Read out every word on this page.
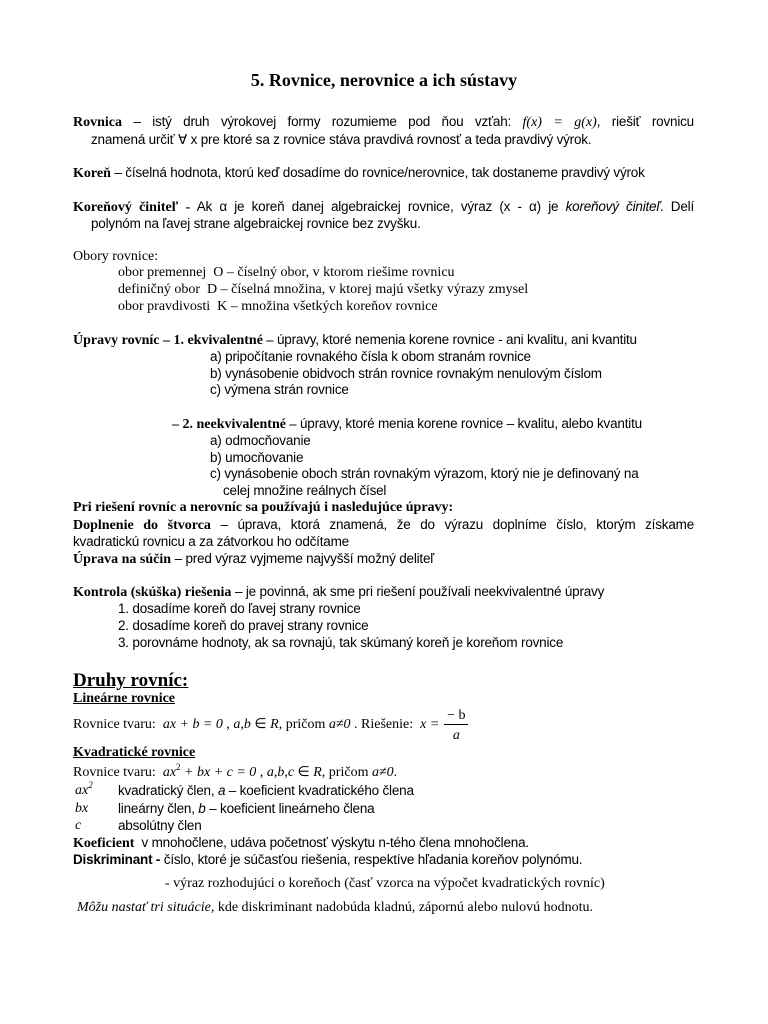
5. Rovnice, nerovnice a ich sústavy
Rovnica – istý druh výrokovej formy rozumieme pod ňou vzťah: f(x) = g(x), riešiť rovnicu
znamená určiť ∀ x pre ktoré sa z rovnice stáva pravdivá rovnosť a teda pravdivý výrok.
Koreň – číselná hodnota, ktorú keď dosadíme do rovnice/nerovnice, tak dostaneme pravdivý výrok
Koreňový činiteľ - Ak α je koreň danej algebraickej rovnice, výraz (x - α) je koreňový činiteľ. Delí
polynóm na ľavej strane algebraickej rovnice bez zvyšku.
Obory rovnice:
obor premennej  O – číselný obor, v ktorom riešime rovnicu
definičný obor  D – číselná množina, v ktorej majú všetky výrazy zmysel
obor pravdivosti  K – množina všetkých koreňov rovnice
Úpravy rovníc – 1. ekvivalentné – úpravy, ktoré nemenia korene rovnice - ani kvalitu, ani kvantitu
a) pripočítanie rovnakého čísla k obom stranám rovnice
b) vynásobenie obidvoch strán rovnice rovnakým nenulovým číslom
c) výmena strán rovnice
– 2. neekvivalentné – úpravy, ktoré menia korene rovnice – kvalitu, alebo kvantitu
a) odmocňovanie
b) umocňovanie
c) vynásobenie oboch strán rovnakým výrazom, ktorý nie je definovaný na
celej množine reálnych čísel
Pri riešení rovníc a nerovníc sa používajú i nasledujúce úpravy:
Doplnenie do štvorca – úprava, ktorá znamená, že do výrazu doplníme číslo, ktorým získame
kvadratickú rovnicu a za zátvorkou ho odčítame
Úprava na súčin – pred výraz vyjmeme najvyšší možný deliteľ
Kontrola (skúška) riešenia – je povinná, ak sme pri riešení používali neekvivalentné úpravy
1. dosadíme koreň do ľavej strany rovnice
2. dosadíme koreň do pravej strany rovnice
3. porovnáme hodnoty, ak sa rovnajú, tak skúmaný koreň je koreňom rovnice
Druhy rovníc:
Lineárne rovnice
Rovnice tvaru:  ax + b = 0 , a,b ∈ R, pričom a≠0 . Riešenie:  $x = \frac{- b}{a}$
Kvadratické rovnice
Rovnice tvaru:  $ax^2$ + bx + c = 0 , a,b,c ∈ R, pričom a≠0.
$ax^2$ kvadratický člen, a – koeficient kvadratického člena
bx lineárny člen, b – koeficient lineárneho člena
c	absolútny člen
Koeficient  v mnohočlene, udáva početnosť výskytu n-tého člena mnohočlena.
Diskriminant - číslo, ktoré je súčasťou riešenia, respektíve hľadania koreňov polynómu.
- výraz rozhodujúci o koreňoch (časť vzorca na výpočet kvadratických rovníc)
Môžu nastať tri situácie, kde diskriminant nadobúda kladnú, zápornú alebo nulovú hodnotu.
